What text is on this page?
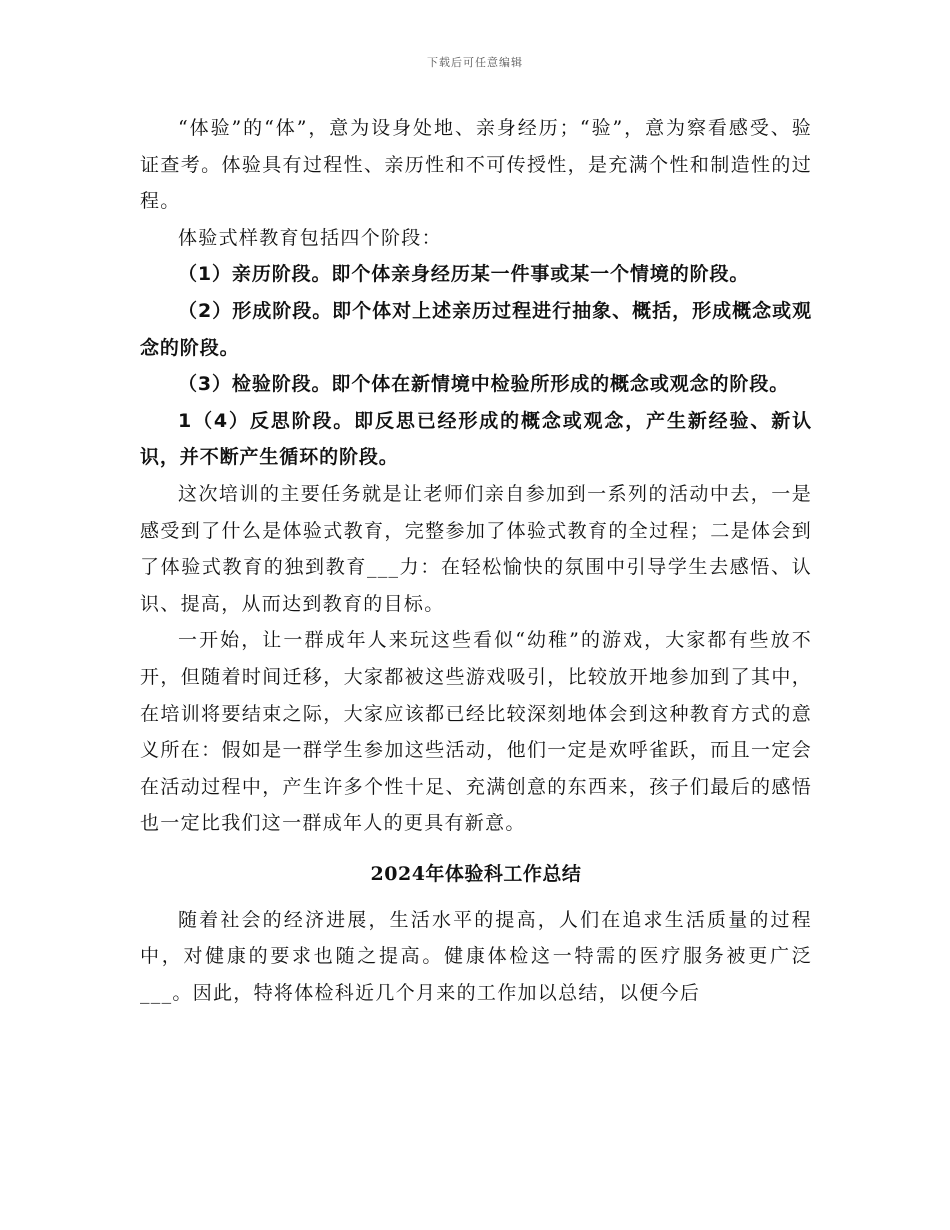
下载后可任意编辑

“体验”的“体”，意为设身处地、亲身经历；“验”，意为察看感受、验证查考。体验具有过程性、亲历性和不可传授性，是充满个性和制造性的过程。

体验式样教育包括四个阶段：

（1）亲历阶段。即个体亲身经历某一件事或某一个情境的阶段。

（2）形成阶段。即个体对上述亲历过程进行抽象、概括，形成概念或观念的阶段。

（3）检验阶段。即个体在新情境中检验所形成的概念或观念的阶段。

1（4）反思阶段。即反思已经形成的概念或观念，产生新经验、新认识，并不断产生循环的阶段。

这次培训的主要任务就是让老师们亲自参加到一系列的活动中去，一是感受到了什么是体验式教育，完整参加了体验式教育的全过程；二是体会到了体验式教育的独到教育___力：在轻松愉快的氛围中引导学生去感悟、认识、提高，从而达到教育的目标。

一开始，让一群成年人来玩这些看似“幼稚”的游戏，大家都有些放不开，但随着时间迁移，大家都被这些游戏吸引，比较放开地参加到了其中，在培训将要结束之际，大家应该都已经比较深刻地体会到这种教育方式的意义所在：假如是一群学生参加这些活动，他们一定是欢呼雀跃，而且一定会在活动过程中，产生许多个性十足、充满创意的东西来，孩子们最后的感悟也一定比我们这一群成年人的更具有新意。

2024年体验科工作总结

随着社会的经济进展，生活水平的提高，人们在追求生活质量的过程中，对健康的要求也随之提高。健康体检这一特需的医疗服务被更广泛___。因此，特将体检科近几个月来的工作加以总结，以便今后
